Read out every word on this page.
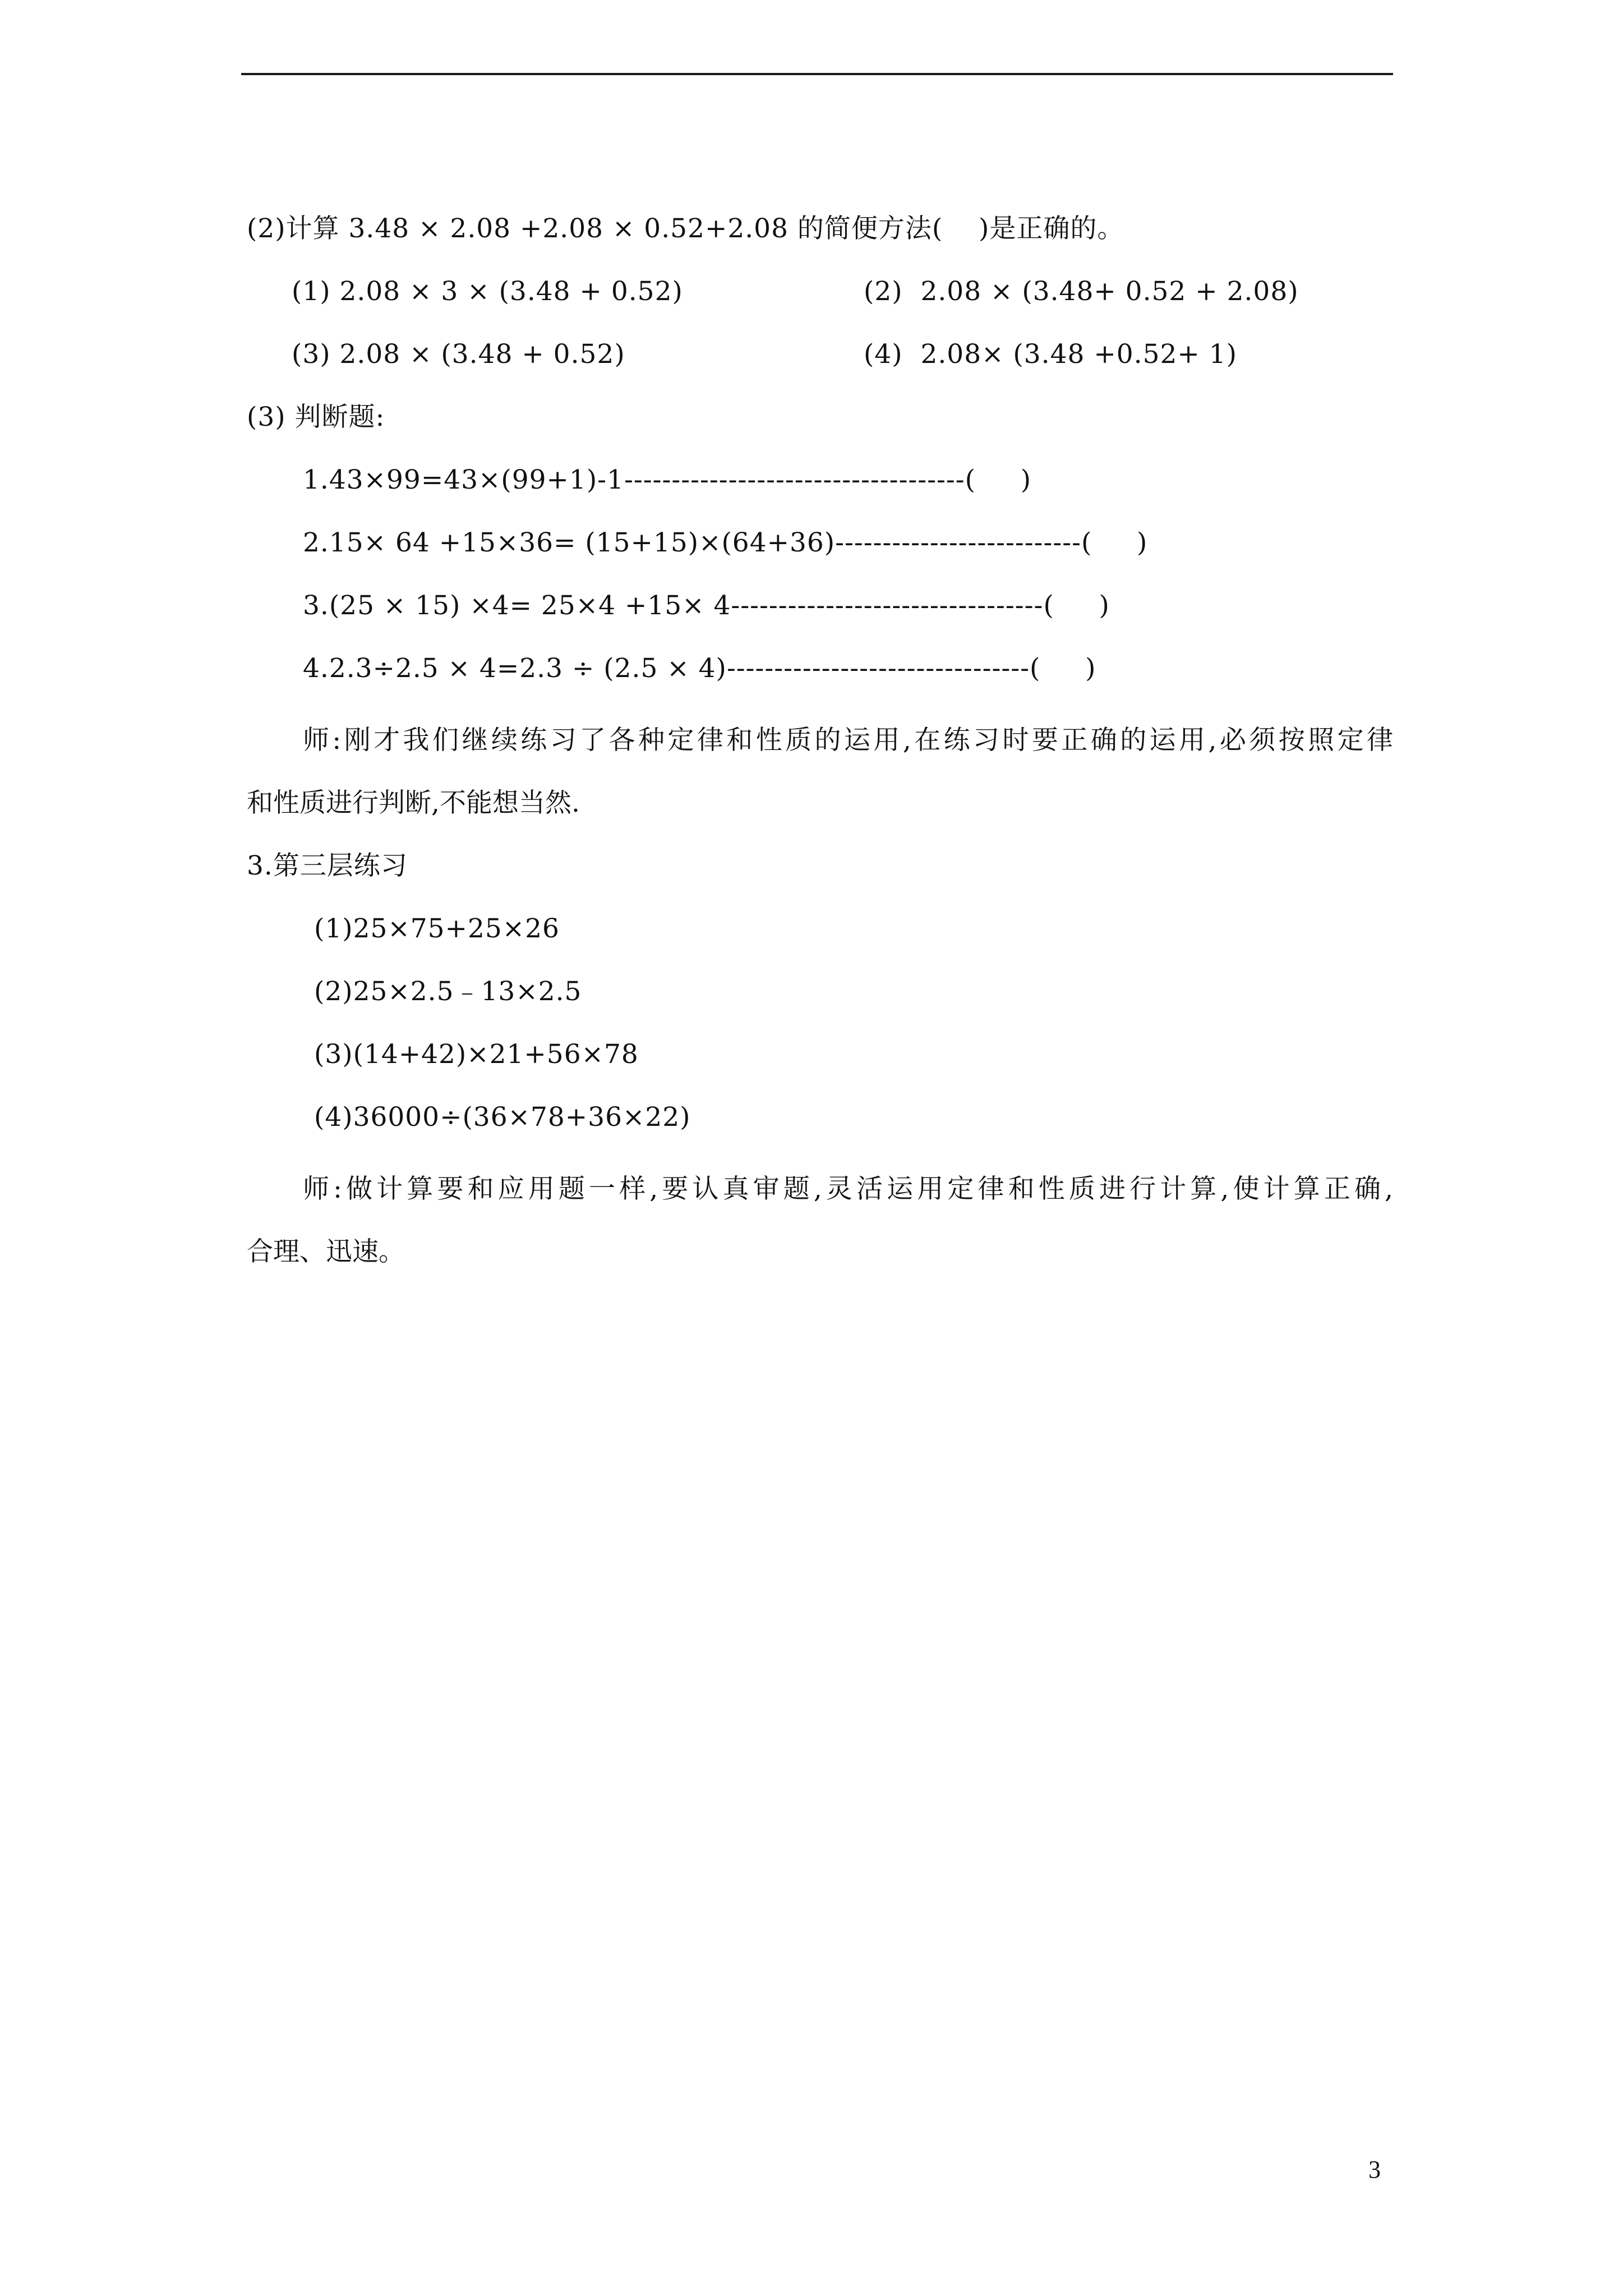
(2)计算 3.48 × 2.08 +2.08 × 0.52+2.08 的简便方法(    )是正确的。
(1) 2.08 × 3 × (3.48 + 0.52)	(2)  2.08 × (3.48+ 0.52 + 2.08)
(3) 2.08 × (3.48 + 0.52)	(4)  2.08× (3.48 +0.52+ 1)
(3) 判断题:
1.43×99=43×(99+1)-1------------------------------------(     )
2.15× 64 +15×36= (15+15)×(64+36)--------------------------(     )
3.(25 × 15) ×4= 25×4 +15× 4---------------------------------(     )
4.2.3÷2.5 × 4=2.3 ÷ (2.5 × 4)--------------------------------(     )
师:刚才我们继续练习了各种定律和性质的运用,在练习时要正确的运用,必须按照定律
和性质进行判断,不能想当然.
3.第三层练习
(1)25×75+25×26
(2)25×2.5﹣13×2.5
(3)(14+42)×21+56×78
(4)36000÷(36×78+36×22)
师:做计算要和应用题一样,要认真审题,灵活运用定律和性质进行计算,使计算正确,
合理、迅速。
3
